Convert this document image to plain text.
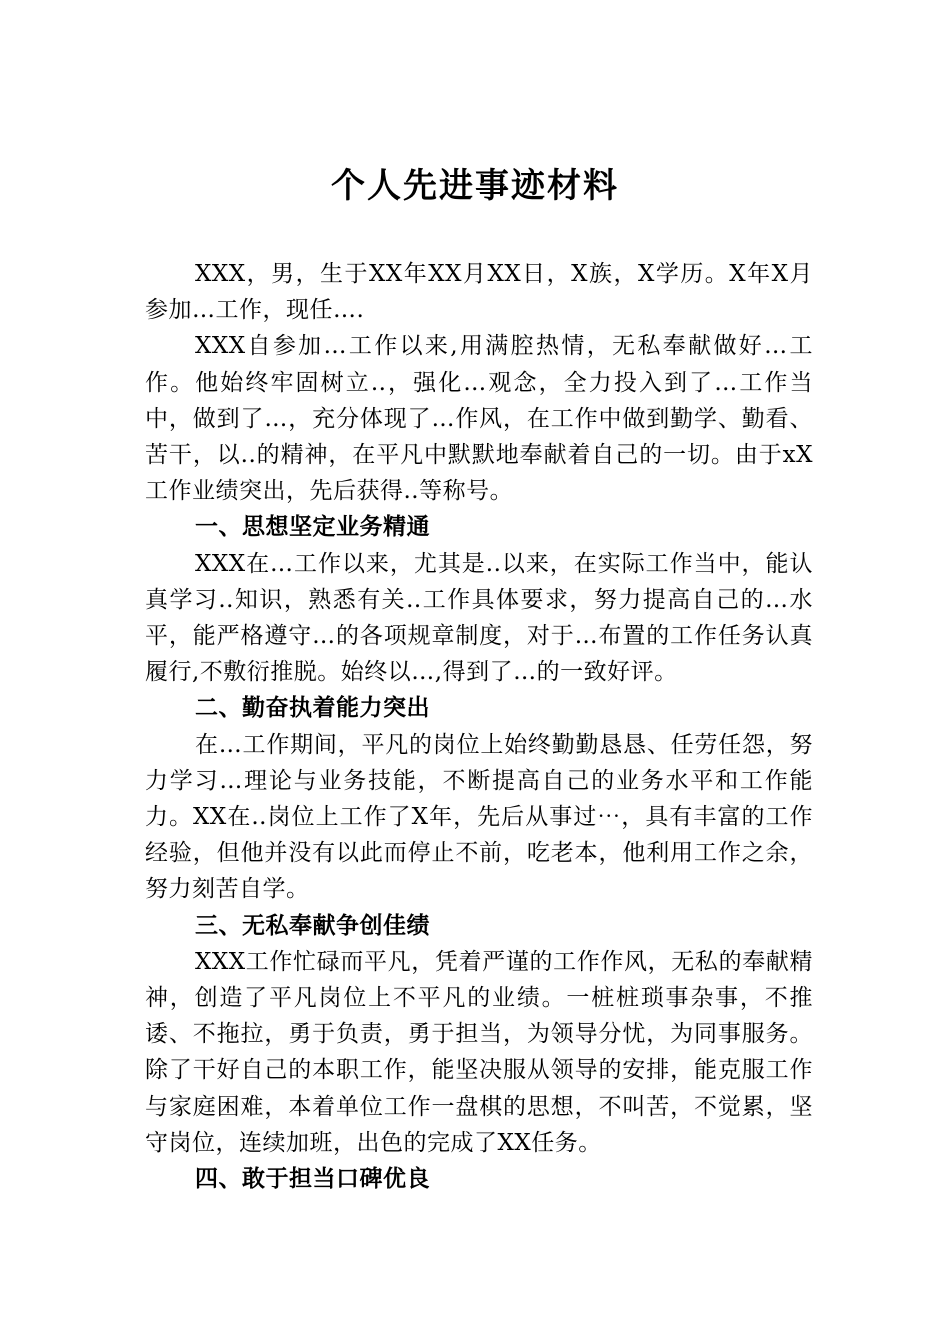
个人先进事迹材料

XXX，男，生于XX年XX月XX日，X族，X学历。X年X月参加…工作，现任….

XXX自参加…工作以来,用满腔热情，无私奉献做好…工作。他始终牢固树立..，强化…观念，全力投入到了…工作当中，做到了…，充分体现了…作风，在工作中做到勤学、勤看、苦干，以..的精神，在平凡中默默地奉献着自己的一切。由于xX工作业绩突出，先后获得..等称号。

一、思想坚定业务精通

XXX在…工作以来，尤其是..以来，在实际工作当中，能认真学习..知识，熟悉有关..工作具体要求，努力提高自己的…水平，能严格遵守…的各项规章制度，对于…布置的工作任务认真履行,不敷衍推脱。始终以…,得到了…的一致好评。

二、勤奋执着能力突出

在…工作期间，平凡的岗位上始终勤勤恳恳、任劳任怨，努力学习…理论与业务技能，不断提高自己的业务水平和工作能力。XX在..岗位上工作了X年，先后从事过⋯，具有丰富的工作经验，但他并没有以此而停止不前，吃老本，他利用工作之余，努力刻苦自学。

三、无私奉献争创佳绩

XXX工作忙碌而平凡，凭着严谨的工作作风，无私的奉献精神，创造了平凡岗位上不平凡的业绩。一桩桩琐事杂事，不推诿、不拖拉，勇于负责，勇于担当，为领导分忧，为同事服务。除了干好自己的本职工作，能坚决服从领导的安排，能克服工作与家庭困难，本着单位工作一盘棋的思想，不叫苦，不觉累，坚守岗位，连续加班，出色的完成了XX任务。

四、敢于担当口碑优良
